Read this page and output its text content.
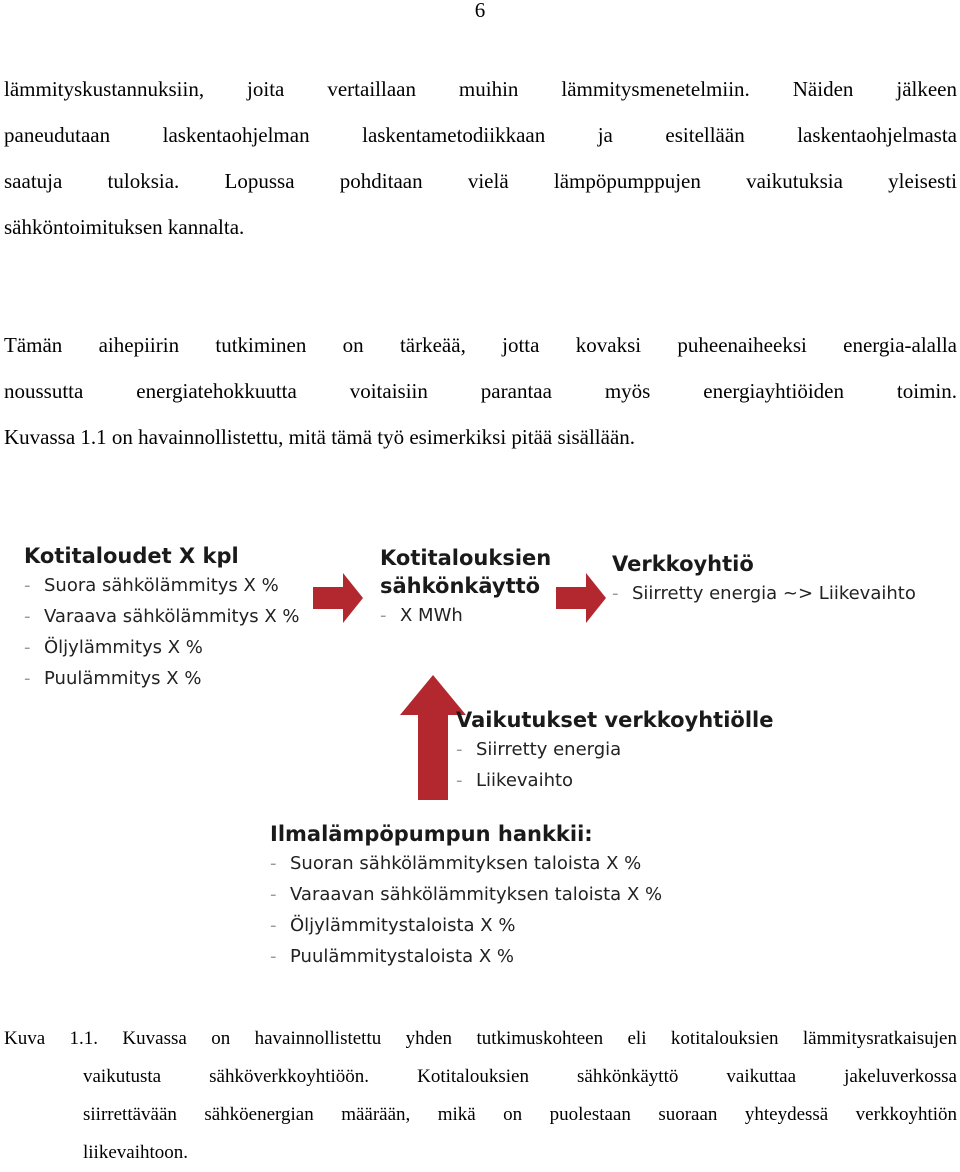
6

lämmityskustannuksiin, joita vertaillaan muihin lämmitysmenetelmiin. Näiden jälkeen
paneudutaan laskentaohjelman laskentametodiikkaan ja esitellään laskentaohjelmasta
saatuja tuloksia. Lopussa pohditaan vielä lämpöpumppujen vaikutuksia yleisesti
sähköntoimituksen kannalta.

Tämän aihepiirin tutkiminen on tärkeää, jotta kovaksi puheenaiheeksi energia-alalla
noussutta energiatehokkuutta voitaisiin parantaa myös energiayhtiöiden toimin.
Kuvassa 1.1 on havainnollistettu, mitä tämä työ esimerkiksi pitää sisällään.

Kotitaloudet X kpl
- Suora sähkölämmitys X %
- Varaava sähkölämmitys X %
- Öljylämmitys X %
- Puulämmitys X %
Kotitalouksien
sähkönkäyttö
- X MWh
Verkkoyhtiö
- Siirretty energia ~> Liikevaihto
Vaikutukset verkkoyhtiölle
- Siirretty energia
- Liikevaihto
Ilmalämpöpumpun hankkii:
- Suoran sähkölämmityksen taloista X %
- Varaavan sähkölämmityksen taloista X %
- Öljylämmitystaloista X %
- Puulämmitystaloista X %

Kuva 1.1. Kuvassa on havainnollistettu yhden tutkimuskohteen eli kotitalouksien lämmitysratkaisujen
vaikutusta sähköverkkoyhtiöön. Kotitalouksien sähkönkäyttö vaikuttaa jakeluverkossa
siirrettävään sähköenergian määrään, mikä on puolestaan suoraan yhteydessä verkkoyhtiön
liikevaihtoon.
